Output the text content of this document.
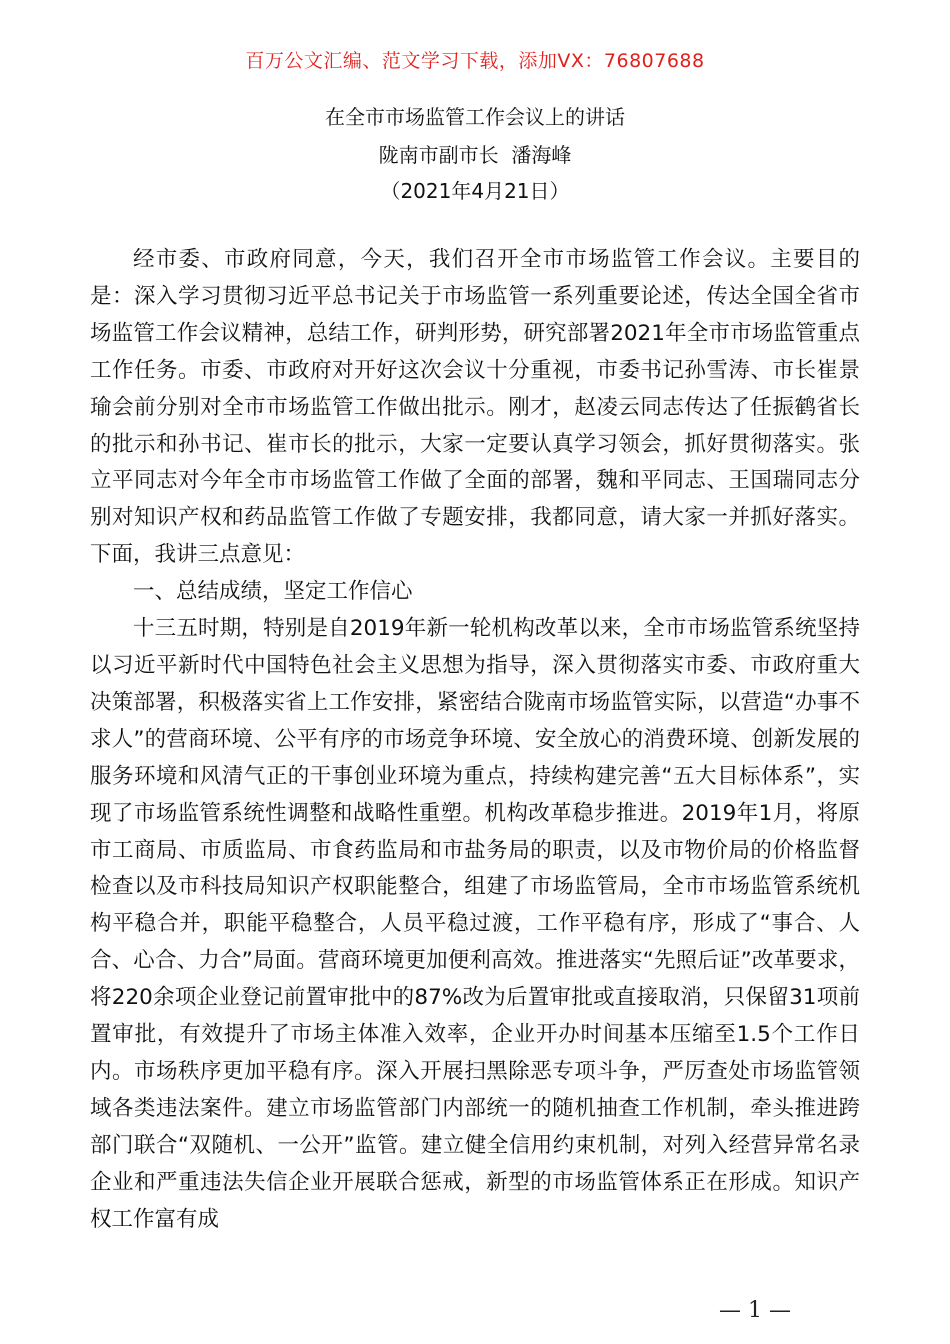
百万公文汇编、范文学习下载，添加VX：76807688
在全市市场监管工作会议上的讲话
陇南市副市长  潘海峰
（2021年4月21日）

经市委、市政府同意，今天，我们召开全市市场监管工作会议。主要目的是：深入学习贯彻习近平总书记关于市场监管一系列重要论述，传达全国全省市场监管工作会议精神，总结工作，研判形势，研究部署2021年全市市场监管重点工作任务。市委、市政府对开好这次会议十分重视，市委书记孙雪涛、市长崔景瑜会前分别对全市市场监管工作做出批示。刚才，赵凌云同志传达了任振鹤省长的批示和孙书记、崔市长的批示，大家一定要认真学习领会，抓好贯彻落实。张立平同志对今年全市市场监管工作做了全面的部署，魏和平同志、王国瑞同志分别对知识产权和药品监管工作做了专题安排，我都同意，请大家一并抓好落实。下面，我讲三点意见：

一、总结成绩，坚定工作信心

十三五时期，特别是自2019年新一轮机构改革以来，全市市场监管系统坚持以习近平新时代中国特色社会主义思想为指导，深入贯彻落实市委、市政府重大决策部署，积极落实省上工作安排，紧密结合陇南市场监管实际，以营造“办事不求人”的营商环境、公平有序的市场竞争环境、安全放心的消费环境、创新发展的服务环境和风清气正的干事创业环境为重点，持续构建完善“五大目标体系”，实现了市场监管系统性调整和战略性重塑。机构改革稳步推进。2019年1月，将原市工商局、市质监局、市食药监局和市盐务局的职责，以及市物价局的价格监督检查以及市科技局知识产权职能整合，组建了市场监管局，全市市场监管系统机构平稳合并，职能平稳整合，人员平稳过渡，工作平稳有序，形成了“事合、人合、心合、力合”局面。营商环境更加便利高效。推进落实“先照后证”改革要求，将220余项企业登记前置审批中的87%改为后置审批或直接取消，只保留31项前置审批，有效提升了市场主体准入效率，企业开办时间基本压缩至1.5个工作日内。市场秩序更加平稳有序。深入开展扫黑除恶专项斗争，严厉查处市场监管领域各类违法案件。建立市场监管部门内部统一的随机抽查工作机制，牵头推进跨部门联合“双随机、一公开”监管。建立健全信用约束机制，对列入经营异常名录企业和严重违法失信企业开展联合惩戒，新型的市场监管体系正在形成。知识产权工作富有成

— 1 —
